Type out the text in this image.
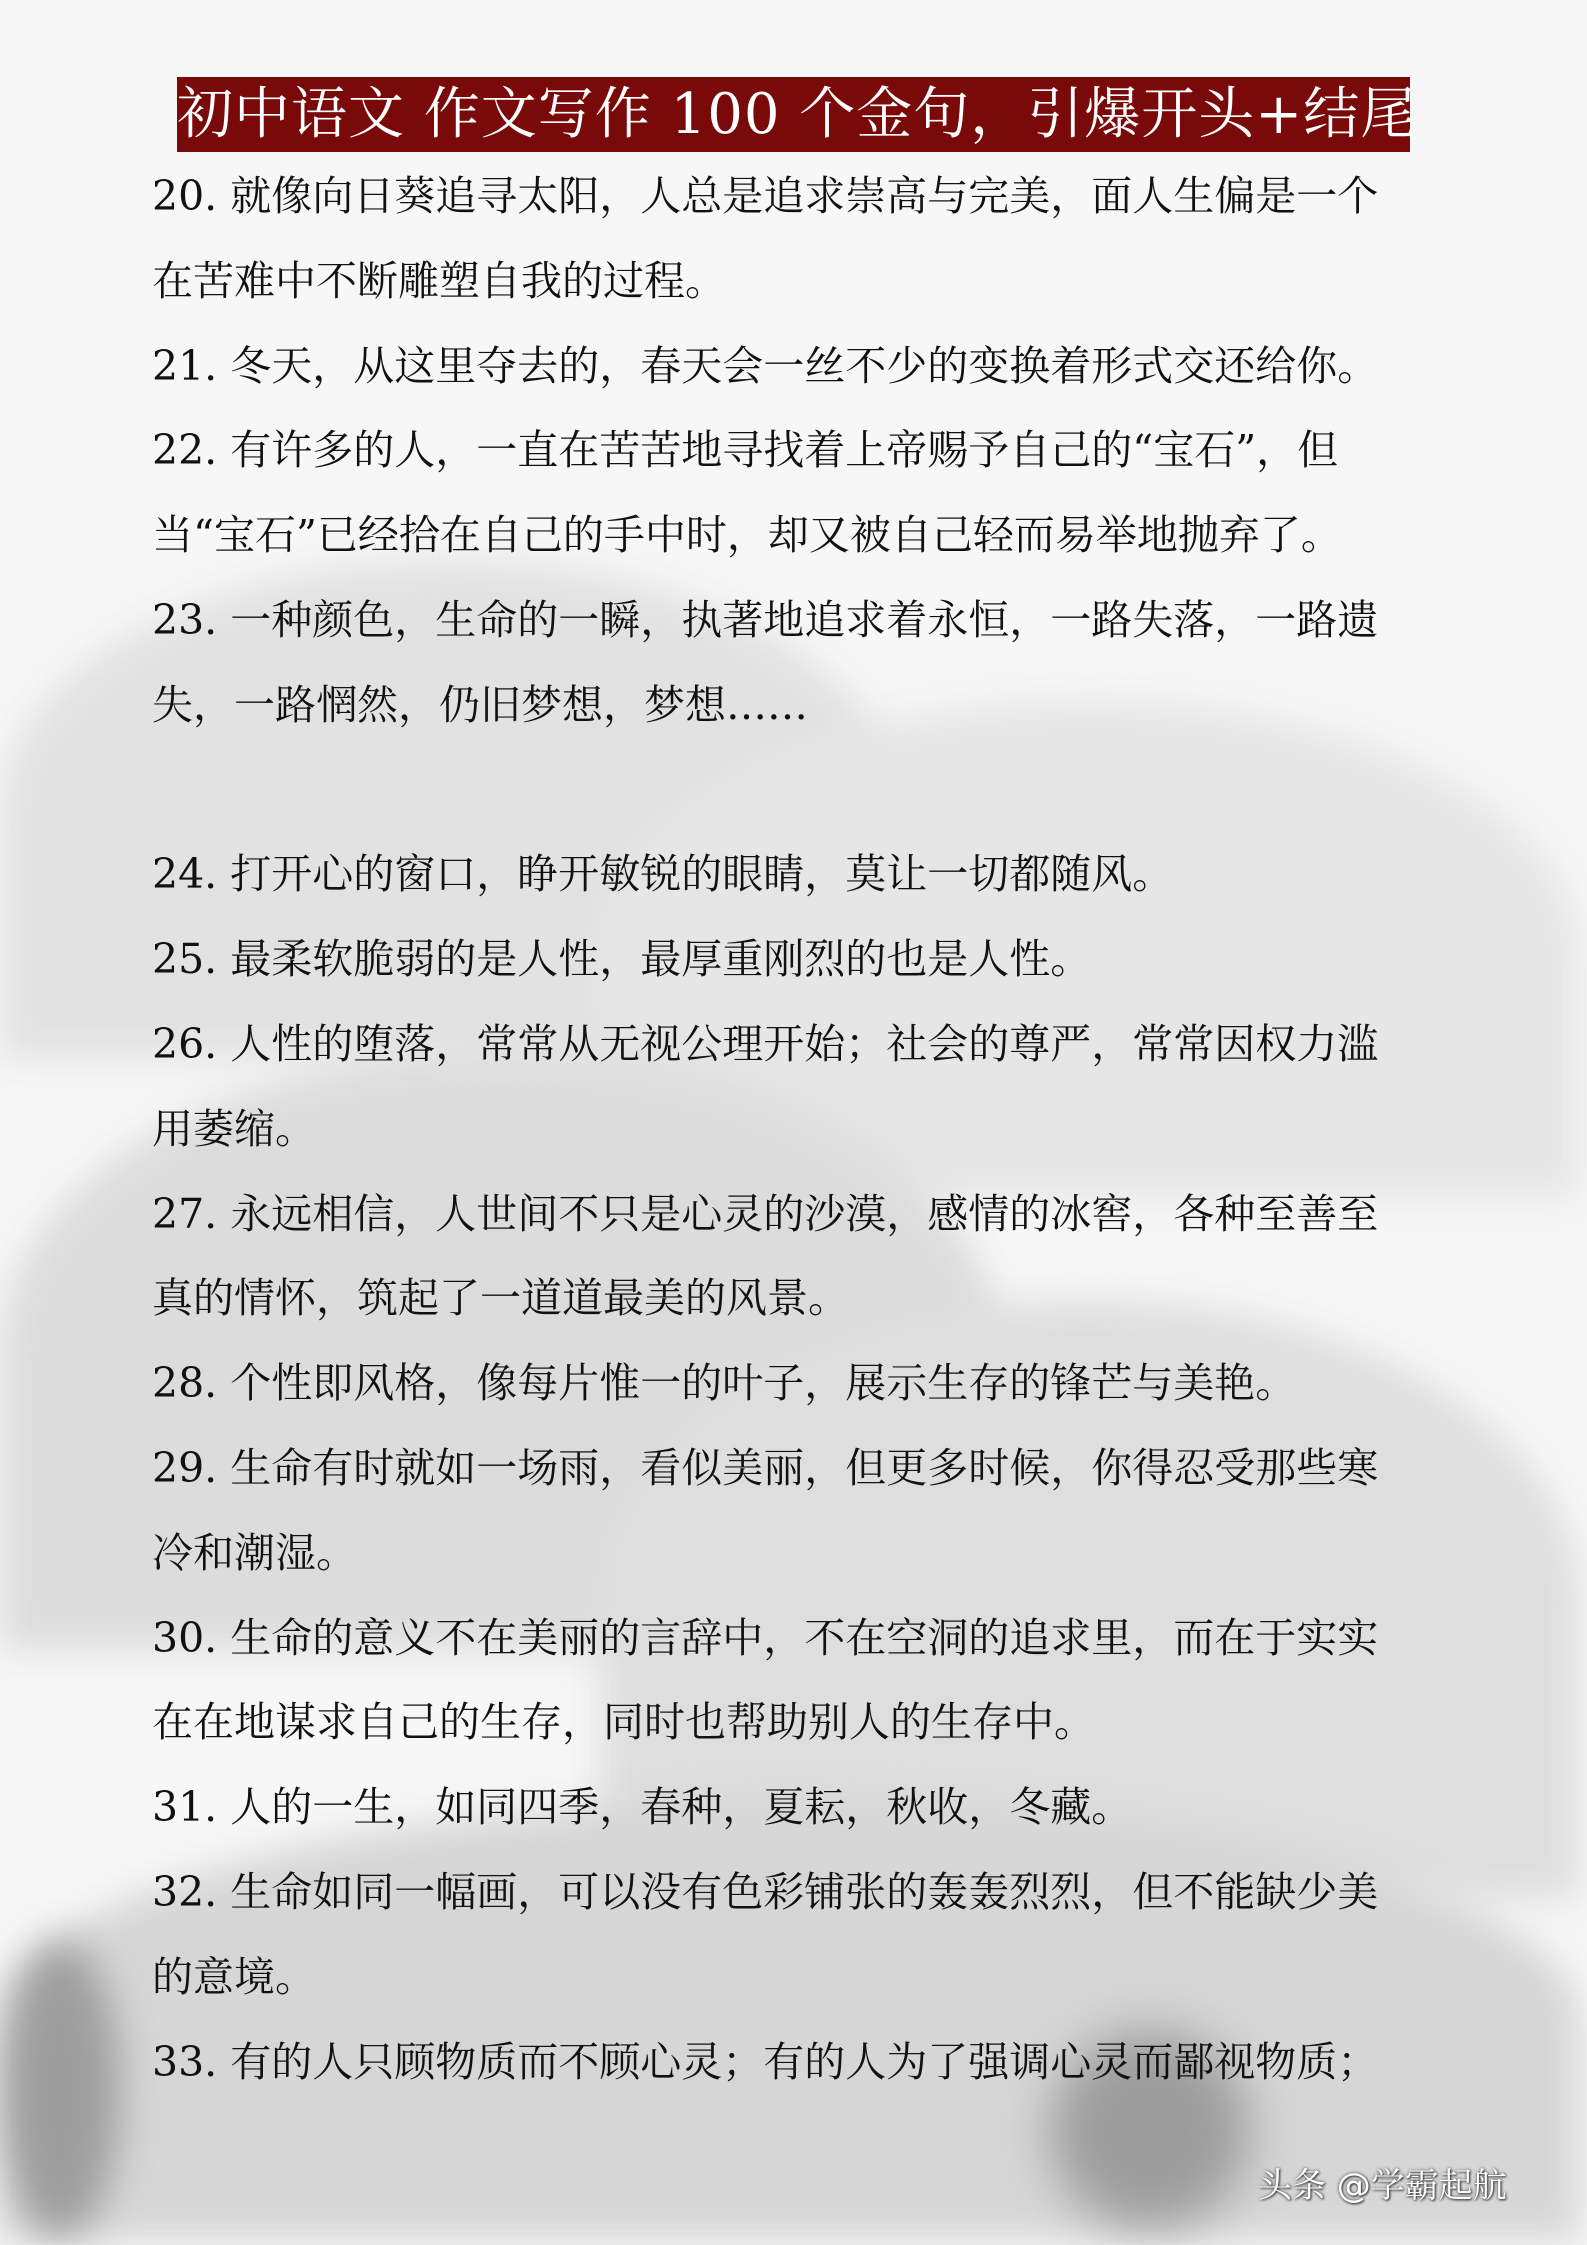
初中语文 作文写作 100 个金句，引爆开头+结尾
20. 就像向日葵追寻太阳，人总是追求崇高与完美，面人生偏是一个
在苦难中不断雕塑自我的过程。
21. 冬天，从这里夺去的，春天会一丝不少的变换着形式交还给你。
22. 有许多的人，一直在苦苦地寻找着上帝赐予自己的“宝石”，但
当“宝石”已经拾在自己的手中时，却又被自己轻而易举地抛弃了。
23. 一种颜色，生命的一瞬，执著地追求着永恒，一路失落，一路遗
失，一路惘然，仍旧梦想，梦想……
24. 打开心的窗口，睁开敏锐的眼睛，莫让一切都随风。
25. 最柔软脆弱的是人性，最厚重刚烈的也是人性。
26. 人性的堕落，常常从无视公理开始；社会的尊严，常常因权力滥
用萎缩。
27. 永远相信，人世间不只是心灵的沙漠，感情的冰窖，各种至善至
真的情怀，筑起了一道道最美的风景。
28. 个性即风格，像每片惟一的叶子，展示生存的锋芒与美艳。
29. 生命有时就如一场雨，看似美丽，但更多时候，你得忍受那些寒
冷和潮湿。
30. 生命的意义不在美丽的言辞中，不在空洞的追求里，而在于实实
在在地谋求自己的生存，同时也帮助别人的生存中。
31. 人的一生，如同四季，春种，夏耘，秋收，冬藏。
32. 生命如同一幅画，可以没有色彩铺张的轰轰烈烈，但不能缺少美
的意境。
33. 有的人只顾物质而不顾心灵；有的人为了强调心灵而鄙视物质；
头条 @学霸起航
